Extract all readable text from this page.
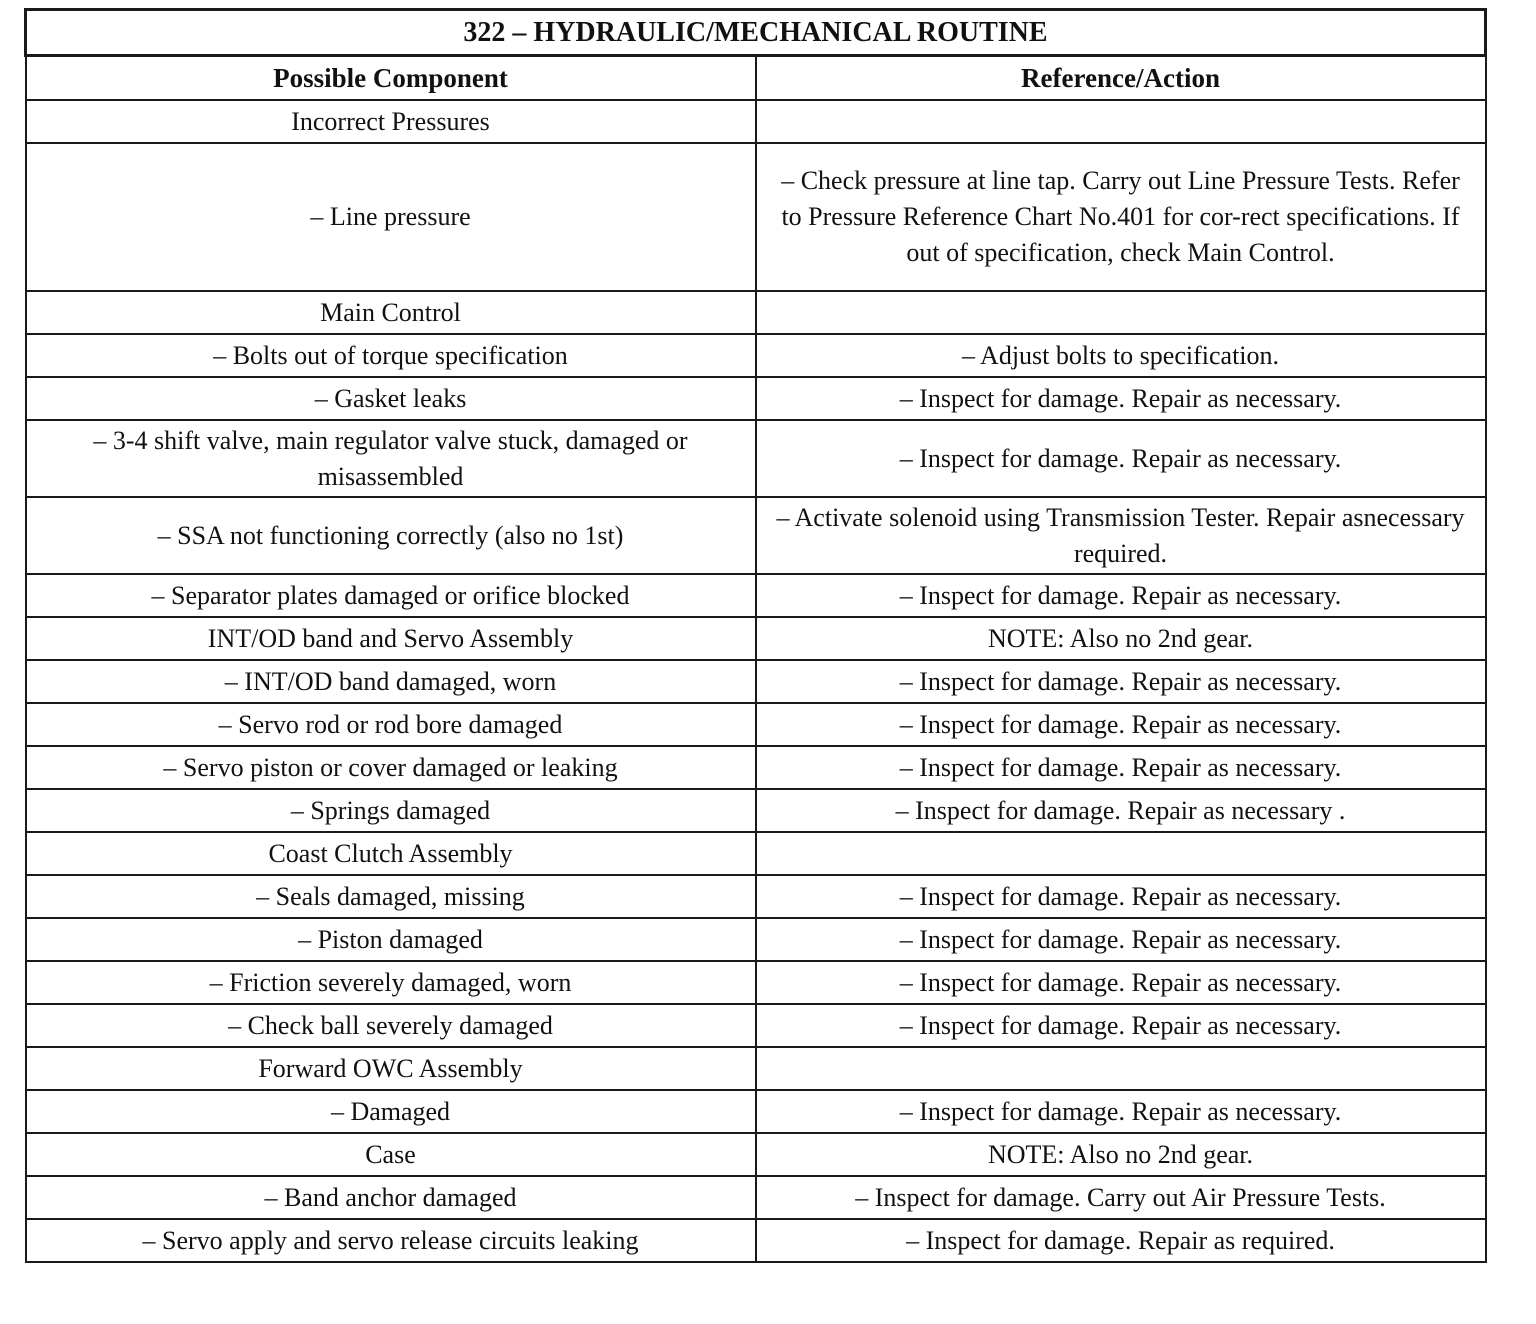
322 – HYDRAULIC/MECHANICAL ROUTINE	
Possible Component	Reference/Action
Incorrect Pressures	
– Line pressure	– Check pressure at line tap. Carry out Line Pressure Tests. Refer to Pressure Reference Chart No.401 for cor-rect specifications. If out of specification, check Main Control.
Main Control	
– Bolts out of torque specification	– Adjust bolts to specification.
– Gasket leaks	– Inspect for damage. Repair as necessary.
– 3-4 shift valve, main regulator valve stuck, damaged or misassembled	– Inspect for damage. Repair as necessary.
– SSA not functioning correctly (also no 1st)	– Activate solenoid using Transmission Tester. Repair asnecessary required.
– Separator plates damaged or orifice blocked	– Inspect for damage. Repair as necessary.
INT/OD band and Servo Assembly	NOTE: Also no 2nd gear.
– INT/OD band damaged, worn	– Inspect for damage. Repair as necessary.
– Servo rod or rod bore damaged	– Inspect for damage. Repair as necessary.
– Servo piston or cover damaged or leaking	– Inspect for damage. Repair as necessary.
– Springs damaged	– Inspect for damage. Repair as necessary .
Coast Clutch Assembly	
– Seals damaged, missing	– Inspect for damage. Repair as necessary.
– Piston damaged	– Inspect for damage. Repair as necessary.
– Friction severely damaged, worn	– Inspect for damage. Repair as necessary.
– Check ball severely damaged	– Inspect for damage. Repair as necessary.
Forward OWC Assembly	
– Damaged	– Inspect for damage. Repair as necessary.
Case	NOTE: Also no 2nd gear.
– Band anchor damaged	– Inspect for damage. Carry out Air Pressure Tests.
– Servo apply and servo release circuits leaking	– Inspect for damage. Repair as required.
